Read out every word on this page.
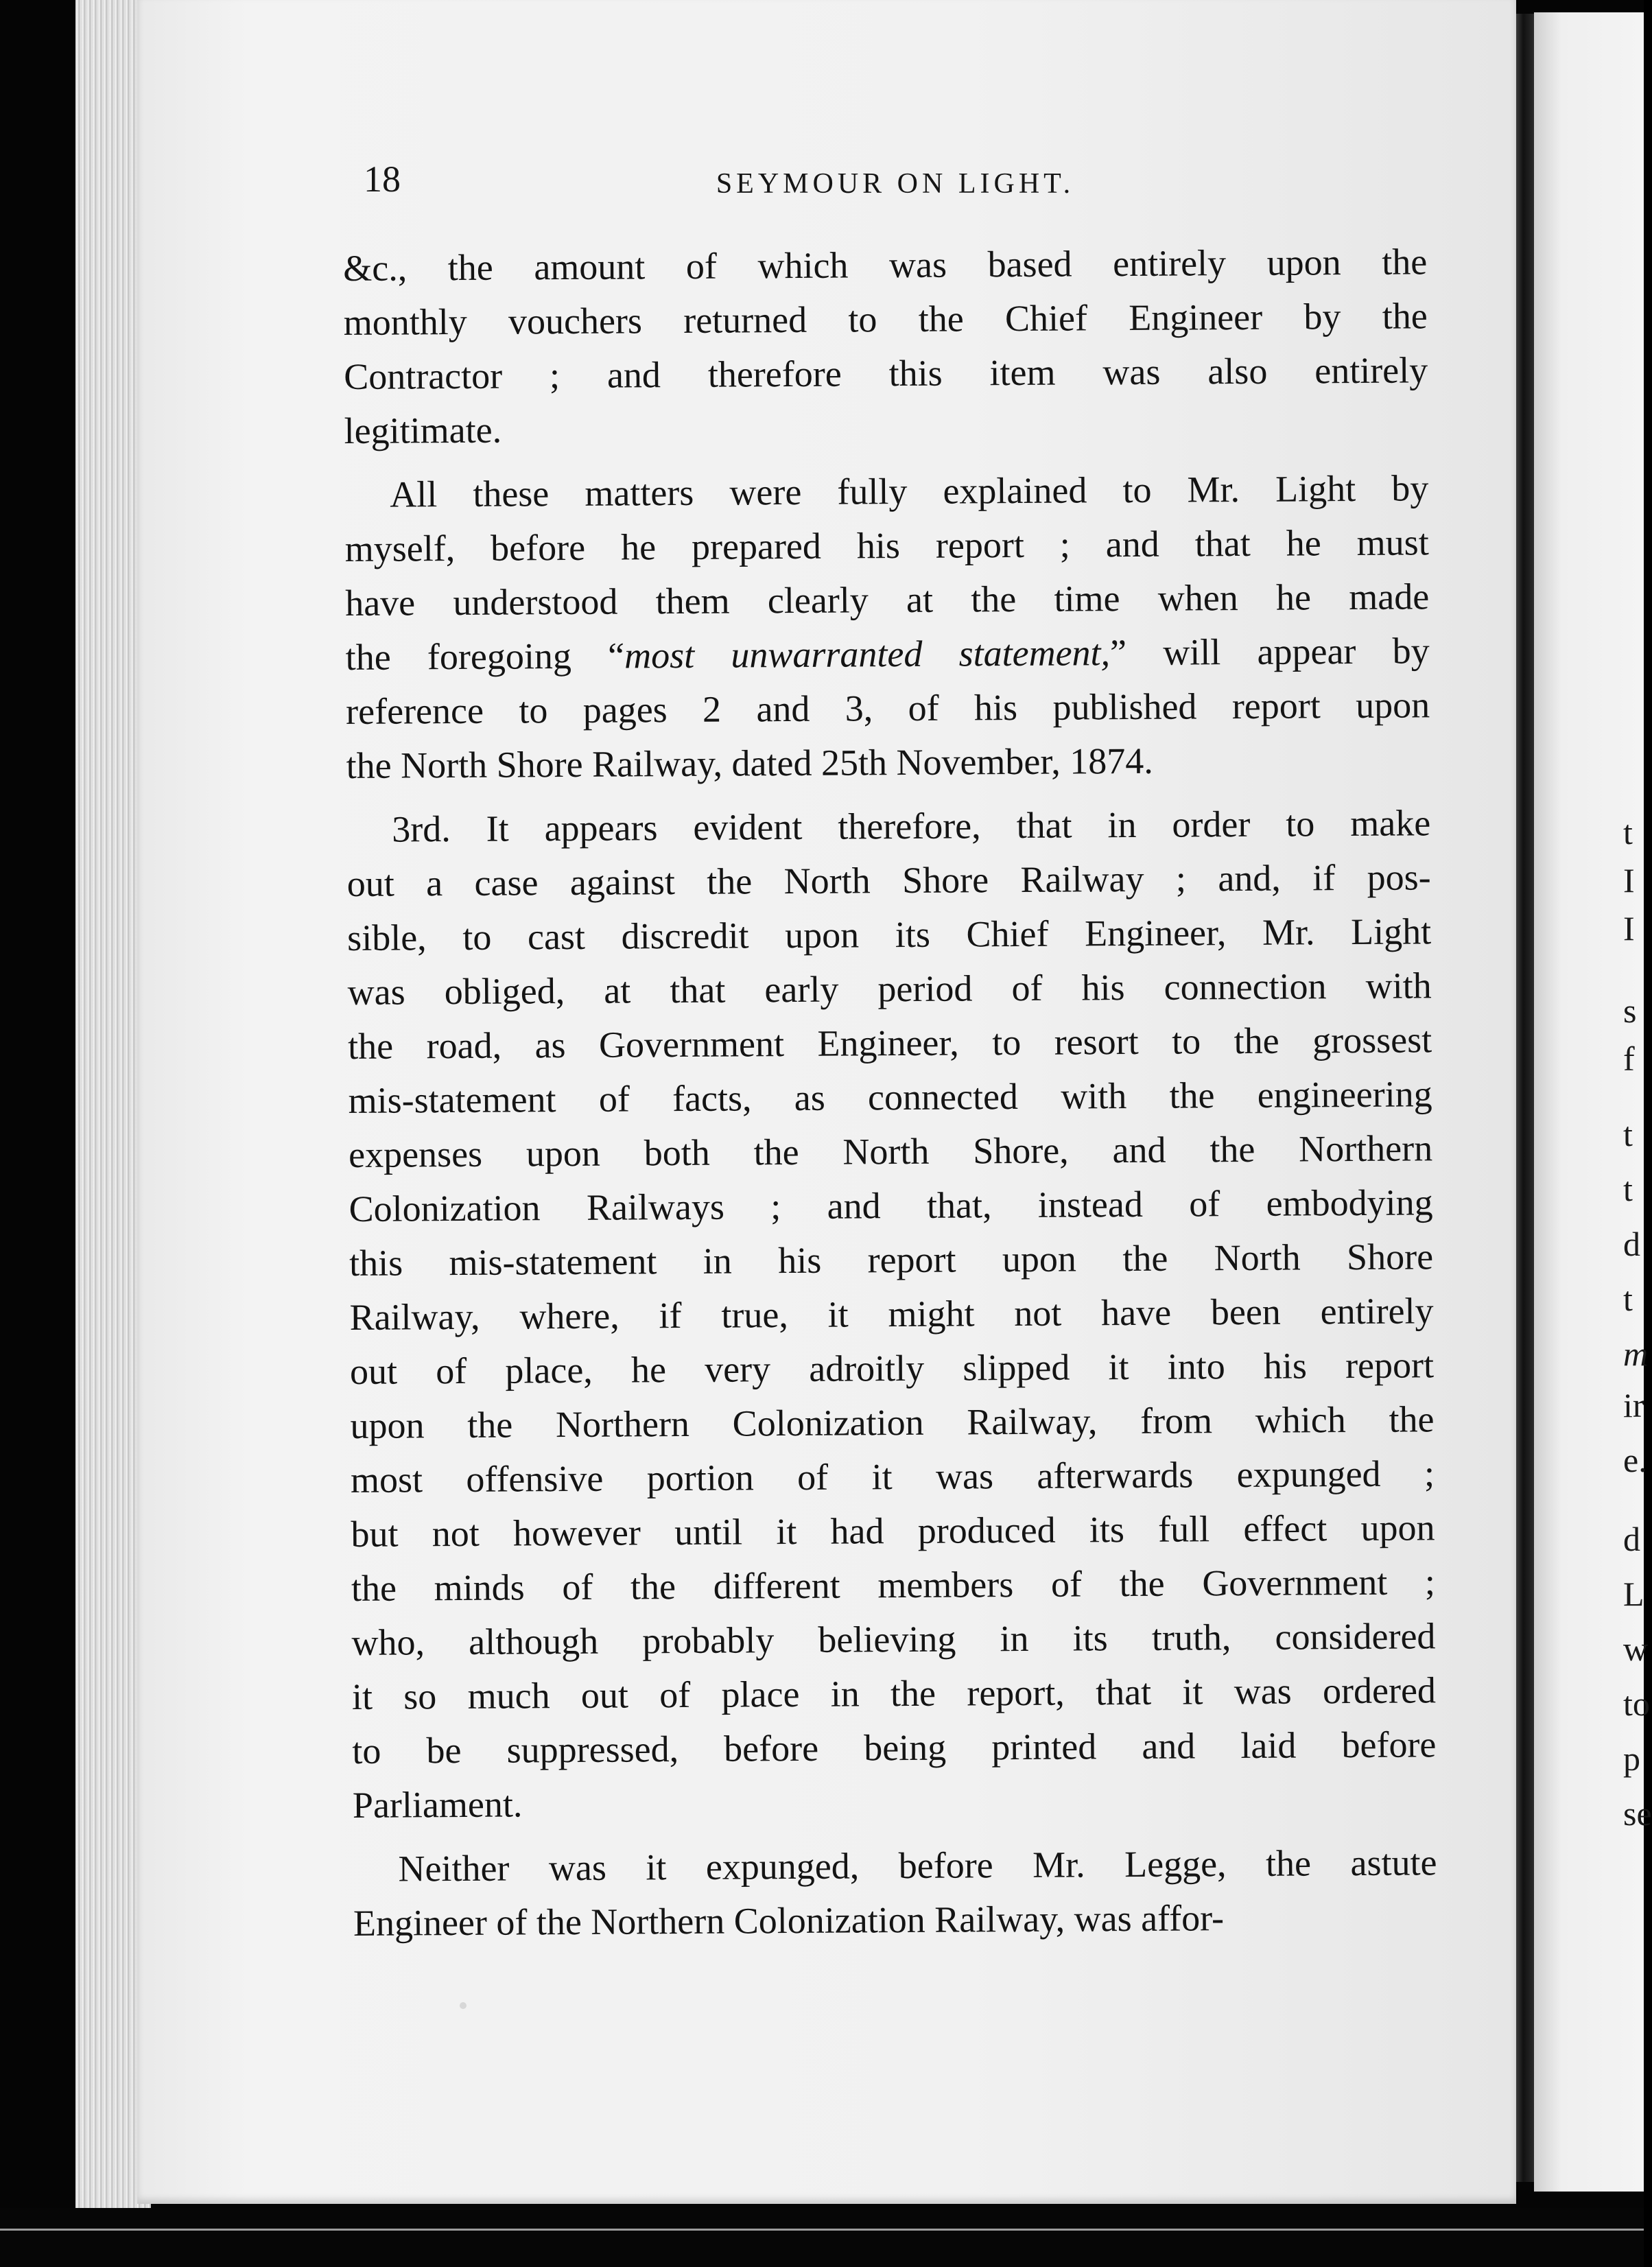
t
I
I
s
f
t
t
d
t
m
ir
e.
d
L
w
to
p
se
18	SEYMOUR ON LIGHT.
&c., the amount of which was based entirely upon the
monthly vouchers returned to the Chief Engineer by the
Contractor ; and therefore this item was also entirely
legitimate.
All these matters were fully explained to Mr. Light by
myself, before he prepared his report ; and that he must
have understood them clearly at the time when he made
the foregoing “most unwarranted statement,” will appear by
reference to pages 2 and 3, of his published report upon
the North Shore Railway, dated 25th November, 1874.
3rd. It appears evident therefore, that in order to make
out a case against the North Shore Railway ; and, if pos-
sible, to cast discredit upon its Chief Engineer, Mr. Light
was obliged, at that early period of his connection with
the road, as Government Engineer, to resort to the grossest
mis-statement of facts, as connected with the engineering
expenses upon both the North Shore, and the Northern
Colonization Railways ; and that, instead of embodying
this mis-statement in his report upon the North Shore
Railway, where, if true, it might not have been entirely
out of place, he very adroitly slipped it into his report
upon the Northern Colonization Railway, from which the
most offensive portion of it was afterwards expunged ;
but not however until it had produced its full effect upon
the minds of the different members of the Government ;
who, although probably believing in its truth, considered
it so much out of place in the report, that it was ordered
to be suppressed, before being printed and laid before
Parliament.
Neither was it expunged, before Mr. Legge, the astute
Engineer of the Northern Colonization Railway, was affor-
